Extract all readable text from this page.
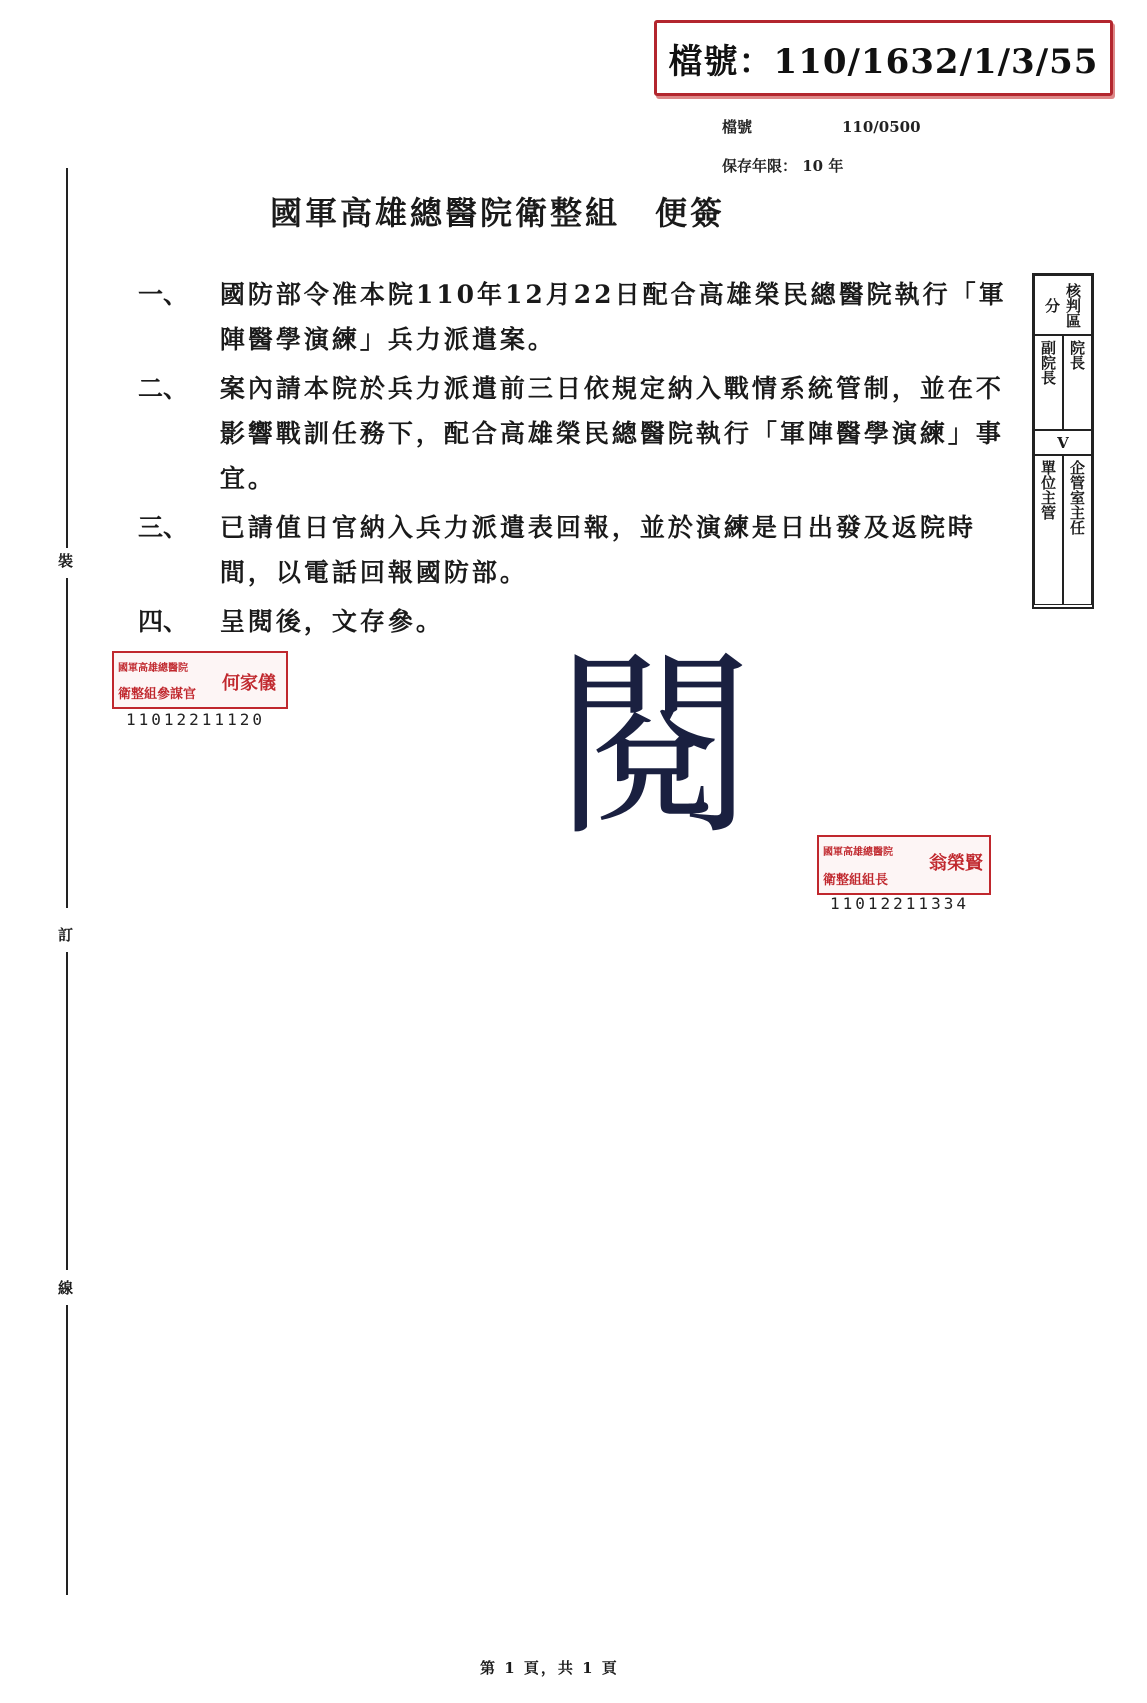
檔號：110/1632/1/3/55
檔號	110/0500
保存年限： 10 年
國軍高雄總醫院衛整組　便簽
裝
訂
線
一、	國防部令准本院110年12月22日配合高雄榮民總醫院執行「軍陣醫學演練」兵力派遣案。
二、	案內請本院於兵力派遣前三日依規定納入戰情系統管制，並在不影響戰訓任務下，配合高雄榮民總醫院執行「軍陣醫學演練」事宜。
三、	已請值日官納入兵力派遣表回報，並於演練是日出發及返院時間，以電話回報國防部。
四、	呈閱後，文存參。
核判區分
副院長 院長
V
單位主管 企管室主任
國軍高雄總醫院
衛整組參謀官
何家儀
11012211120 閱	國軍高雄總醫院
衛整組組長
翁榮賢
11012211334
第 1 頁，共 1 頁
